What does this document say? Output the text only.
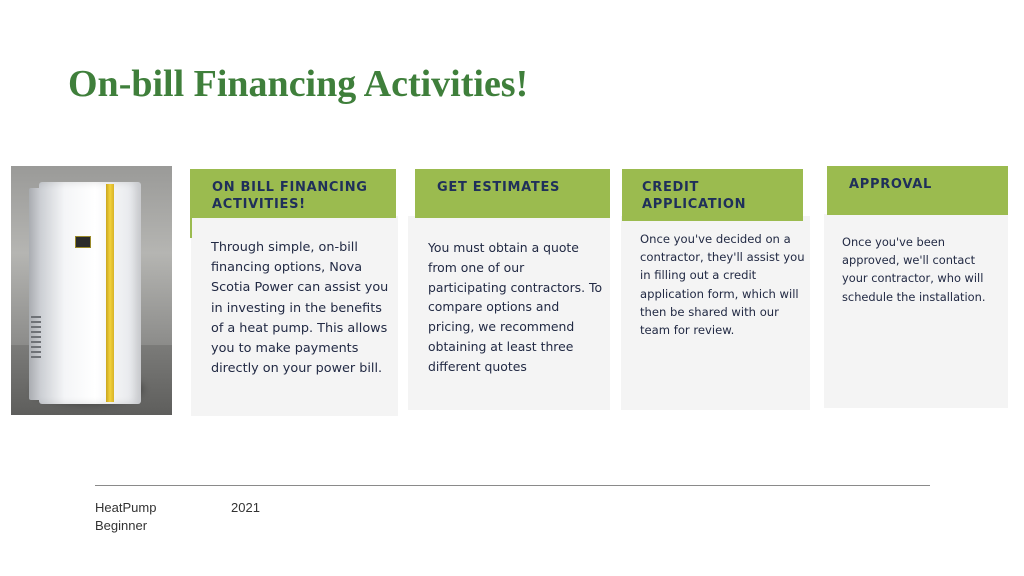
On-bill Financing Activities!
ON BILL FINANCING ACTIVITIES!

Through simple, on-bill financing options, Nova Scotia Power can assist you in investing in the benefits of a heat pump. This allows you to make payments directly on your power bill.

GET ESTIMATES

You must obtain a quote from one of our participating contractors. To compare options and pricing, we recommend obtaining at least three different quotes

CREDIT APPLICATION

Once you've decided on a contractor, they'll assist you in filling out a credit application form, which will then be shared with our team for review.

APPROVAL

Once you've been approved, we'll contact your contractor, who will schedule the installation.

HeatPump Beginner
2021
